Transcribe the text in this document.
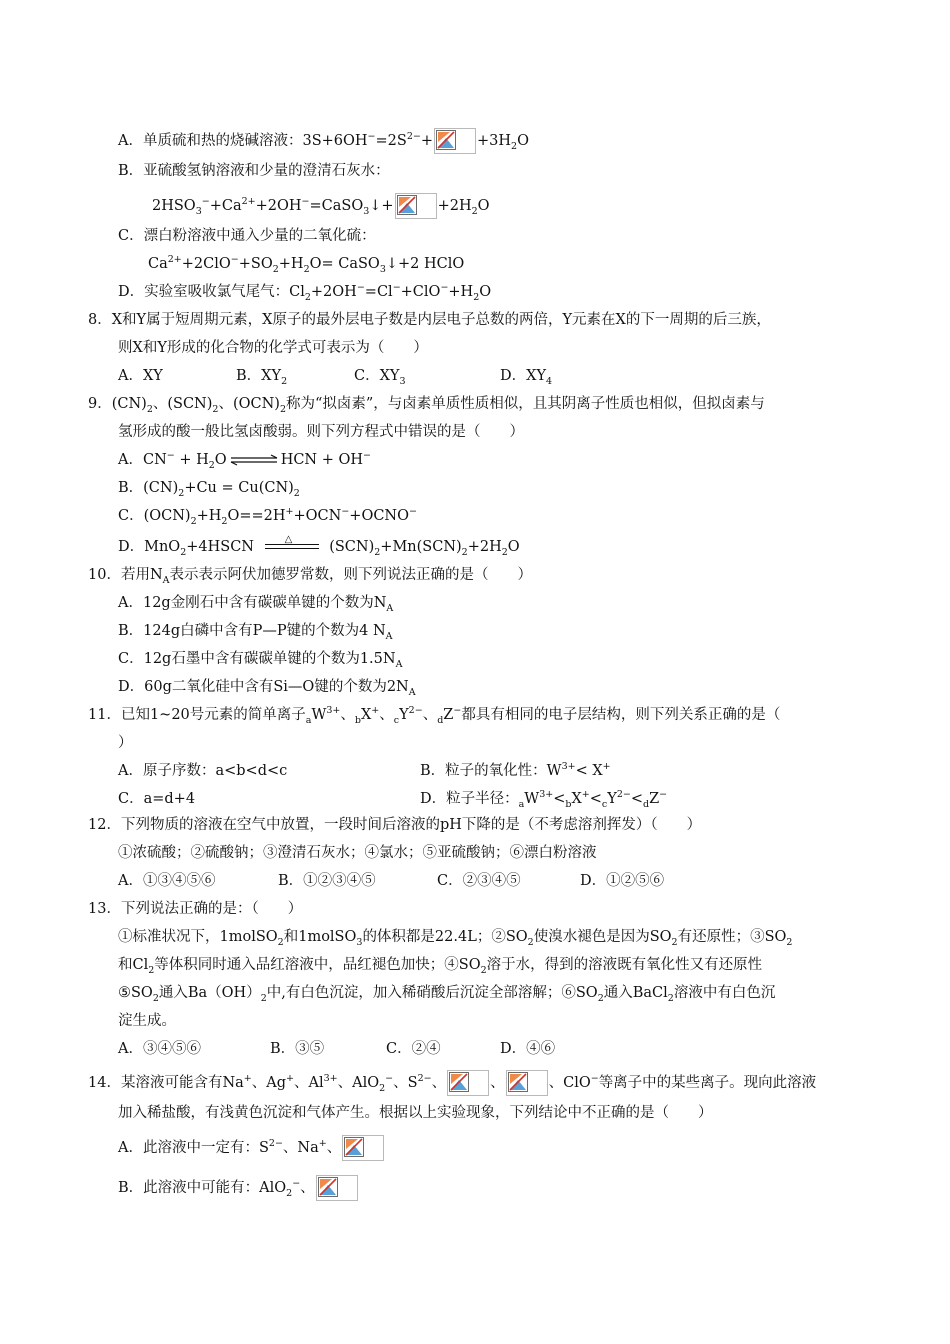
A．单质硫和热的烧碱溶液：$3S+6OH^-=2S^{2-}+$	$+3H_2O$
B．亚硫酸氢钠溶液和少量的澄清石灰水：
$2HSO_3^-+Ca^{2+}+2OH^-=CaSO_3↓+$	$+2H_2O$
C．漂白粉溶液中通入少量的二氧化硫：
$Ca^{2+}+2ClO^-+SO_2+H_2O=$ CaSO$_3$↓+2 HClO
D．实验室吸收氯气尾气：$Cl_2+2OH^-=Cl^-+ClO^-+H_2O$
8．X和Y属于短周期元素，X原子的最外层电子数是内层电子总数的两倍，Y元素在X的下一周期的后三族，
则X和Y形成的化合物的化学式可表示为（　　）
A．XY	B．$XY_2$	C．$XY_3$	D．$XY_4$
9．$(CN)_2$、$(SCN)_2$、$(OCN)_2$称为“拟卤素”，与卤素单质性质相似，且其阴离子性质也相似，但拟卤素与
氢形成的酸一般比氢卤酸弱。则下列方程式中错误的是（　　）
A．$CN^- + H_2O$ ⇌ HCN + OH−
B．$(CN)_2+Cu = Cu(CN)_2$
C．$(OCN)_2+H_2O==2H^++OCN^-+OCNO^-$
D．MnO$_2$+4HSCN	△	$(SCN)_2+Mn(SCN)_2+2H_2O$
10．若用$N_A$表示表示阿伏加德罗常数，则下列说法正确的是（　　）
A．12g金刚石中含有碳碳单键的个数为$N_A$
B．124g白磷中含有P—P键的个数为4 $N_A$
C．12g石墨中含有碳碳单键的个数为$1.5N_A$
D．60g二氧化硅中含有Si—O键的个数为$2N_A$
11．已知1~20号元素的简单离子$_aW^{3+}$、$_b$X+、$_cY^{2-}$、$_d$Z−都具有相同的电子层结构，则下列关系正确的是（
）
A．原子序数：a<b<d<c	B．粒子的氧化性：$W^{3+}< X^+$
C．a=d+4	D．粒子半径：$_aW^{3+}<_bX^+<_cY^{2-}<_dZ^-$
12．下列物质的溶液在空气中放置，一段时间后溶液的pH下降的是（不考虑溶剂挥发）（　　）
①浓硫酸；②硫酸钠；③澄清石灰水；④氯水；⑤亚硫酸钠；⑥漂白粉溶液
A．①③④⑤⑥	B．①②③④⑤	C．②③④⑤	D．①②⑤⑥
13．下列说法正确的是：（　　）
①标准状况下，1molSO$_2$和1molSO$_3$的体积都是22.4L；$②SO_2$使溴水褪色是因为$SO_2$有还原性；$③SO_2$
和$Cl_2$等体积同时通入品红溶液中，品红褪色加快；$④SO_2$溶于水，得到的溶液既有氧化性又有还原性
$⑤SO_2$通入$Ba(OH)_2$中,有白色沉淀，加入稀硝酸后沉淀全部溶解；$⑥SO_2$通入BaCl$_2$溶液中有白色沉
淀生成。
A．③④⑤⑥	B．③⑤	C．②④	D．④⑥
14．某溶液可能含有Na+、Ag+、$Al^{3+}$、AlO$_2$−、$S^{2-}$、	、	、ClO−等离子中的某些离子。现向此溶液
加入稀盐酸，有浅黄色沉淀和气体产生。根据以上实验现象，下列结论中不正确的是（　　）
A．此溶液中一定有：$S^{2-}$、Na+、
B．此溶液中可能有：AlO$_2$−、
